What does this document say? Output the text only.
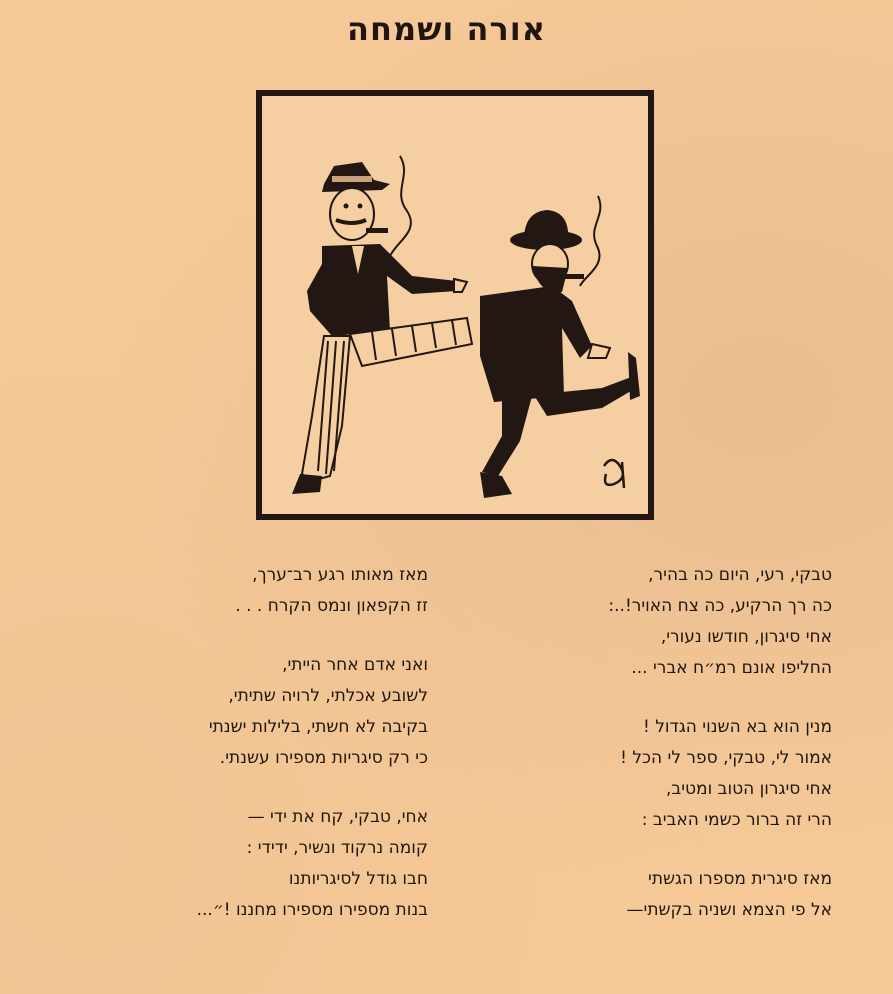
אורה ושמחה
טבקי, רעי, היום כה בהיר,
כה רך הרקיע, כה צח האויר!..:
אחי סיגרון, חודשו נעורי,
החליפו אונם רמ״ח אברי ...
מנין הוא בא השנוי הגדול !
אמור לי, טבקי, ספר לי הכל !
אחי סיגרון הטוב ומטיב,
הרי זה ברור כשמי האביב :
מאז סיגרית מספרו הגשתי
אל פי הצמא ושניה בקשתי—
מאז מאותו רגע רב־ערך,
זז הקפאון ונמס הקרח . . .
ואני אדם אחר הייתי,
לשובע אכלתי, לרויה שתיתי,
בקיבה לא חשתי, בלילות ישנתי
כי רק סיגריות מספירו עשנתי.
אחי, טבקי, קח את ידי —
קומה נרקוד ונשיר, ידידי :
חבו גודל לסיגריותנו
בנות מספירו מספירו מחננו !״...
